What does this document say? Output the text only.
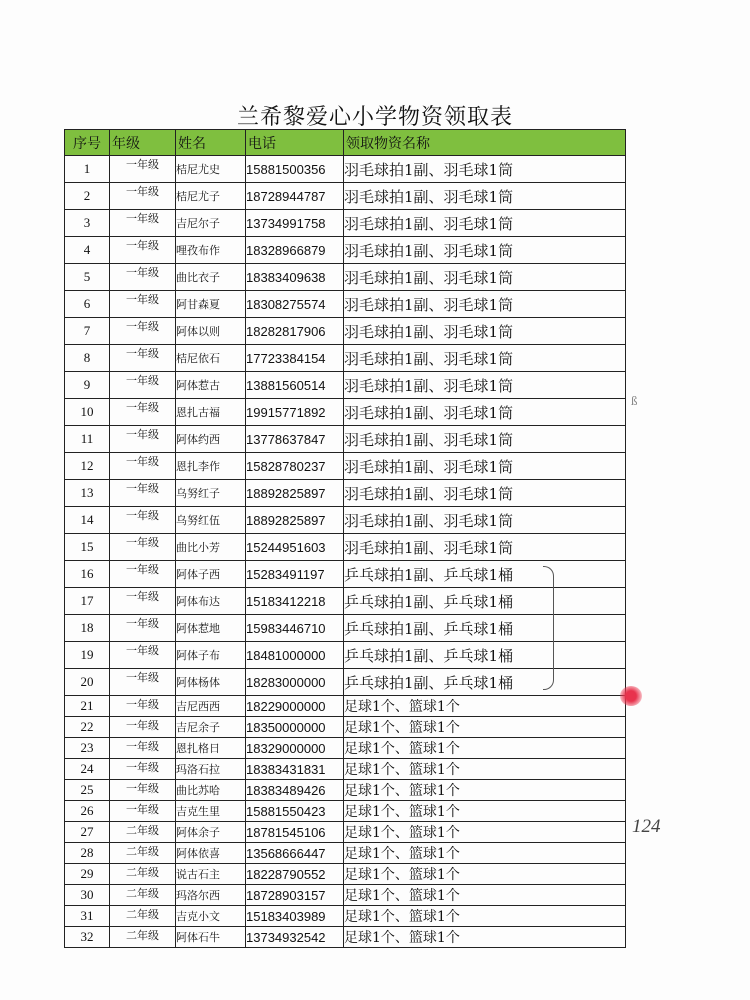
兰希黎爱心小学物资领取表
序号	年级	姓名	电话	领取物资名称
1	一年级	桔尼尤史	15881500356	羽毛球拍1副、羽毛球1筒
2	一年级	桔尼尤子	18728944787	羽毛球拍1副、羽毛球1筒
3	一年级	吉尼尔子	13734991758	羽毛球拍1副、羽毛球1筒
4	一年级	哩孜布作	18328966879	羽毛球拍1副、羽毛球1筒
5	一年级	曲比衣子	18383409638	羽毛球拍1副、羽毛球1筒
6	一年级	阿甘森夏	18308275574	羽毛球拍1副、羽毛球1筒
7	一年级	阿体以则	18282817906	羽毛球拍1副、羽毛球1筒
8	一年级	桔尼依石	17723384154	羽毛球拍1副、羽毛球1筒
9	一年级	阿体惹古	13881560514	羽毛球拍1副、羽毛球1筒
10	一年级	恩扎古福	19915771892	羽毛球拍1副、羽毛球1筒
11	一年级	阿体约西	13778637847	羽毛球拍1副、羽毛球1筒
12	一年级	恩扎李作	15828780237	羽毛球拍1副、羽毛球1筒
13	一年级	乌努红子	18892825897	羽毛球拍1副、羽毛球1筒
14	一年级	乌努红伍	18892825897	羽毛球拍1副、羽毛球1筒
15	一年级	曲比小芳	15244951603	羽毛球拍1副、羽毛球1筒
16	一年级	阿体子西	15283491197	乒乓球拍1副、乒乓球1桶
17	一年级	阿体布达	15183412218	乒乓球拍1副、乒乓球1桶
18	一年级	阿体惹地	15983446710	乒乓球拍1副、乒乓球1桶
19	一年级	阿体子布	18481000000	乒乓球拍1副、乒乓球1桶
20	一年级	阿体杨体	18283000000	乒乓球拍1副、乒乓球1桶
21	一年级	吉尼西西	18229000000	足球1个、篮球1个
22	一年级	吉尼余子	18350000000	足球1个、篮球1个
23	一年级	恩扎格日	18329000000	足球1个、篮球1个
24	一年级	玛洛石拉	18383431831	足球1个、篮球1个
25	一年级	曲比苏哈	18383489426	足球1个、篮球1个
26	一年级	吉克生里	15881550423	足球1个、篮球1个
27	二年级	阿体余子	18781545106	足球1个、篮球1个
28	二年级	阿体依喜	13568666447	足球1个、篮球1个
29	二年级	说古石主	18228790552	足球1个、篮球1个
30	二年级	玛洛尔西	18728903157	足球1个、篮球1个
31	二年级	吉克小文	15183403989	足球1个、篮球1个
32	二年级	阿体石牛	13734932542	足球1个、篮球1个
ß
124
